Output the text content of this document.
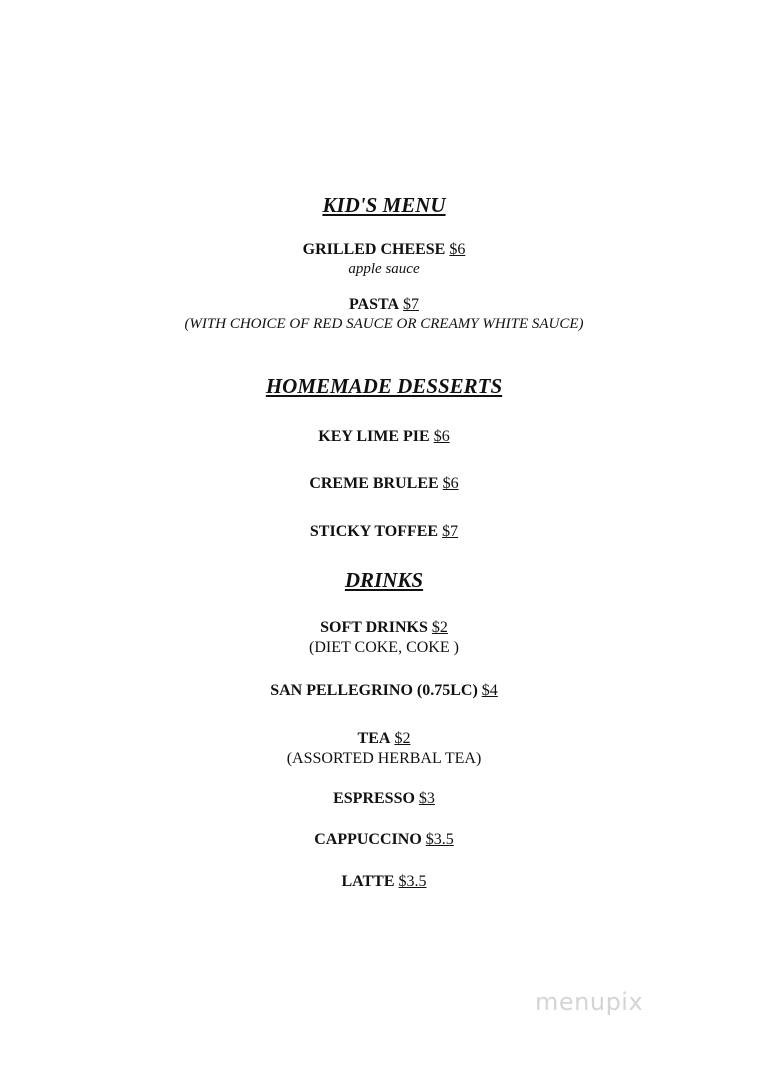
KID'S MENU
GRILLED CHEESE $6
apple sauce
PASTA $7
(WITH CHOICE OF RED SAUCE OR CREAMY WHITE SAUCE)
HOMEMADE DESSERTS
KEY LIME PIE $6
CREME BRULEE $6
STICKY TOFFEE $7
DRINKS
SOFT DRINKS $2
(DIET COKE, COKE )
SAN PELLEGRINO (0.75LC) $4
TEA $2
(ASSORTED HERBAL TEA)
ESPRESSO $3
CAPPUCCINO $3.5
LATTE $3.5
menupix
